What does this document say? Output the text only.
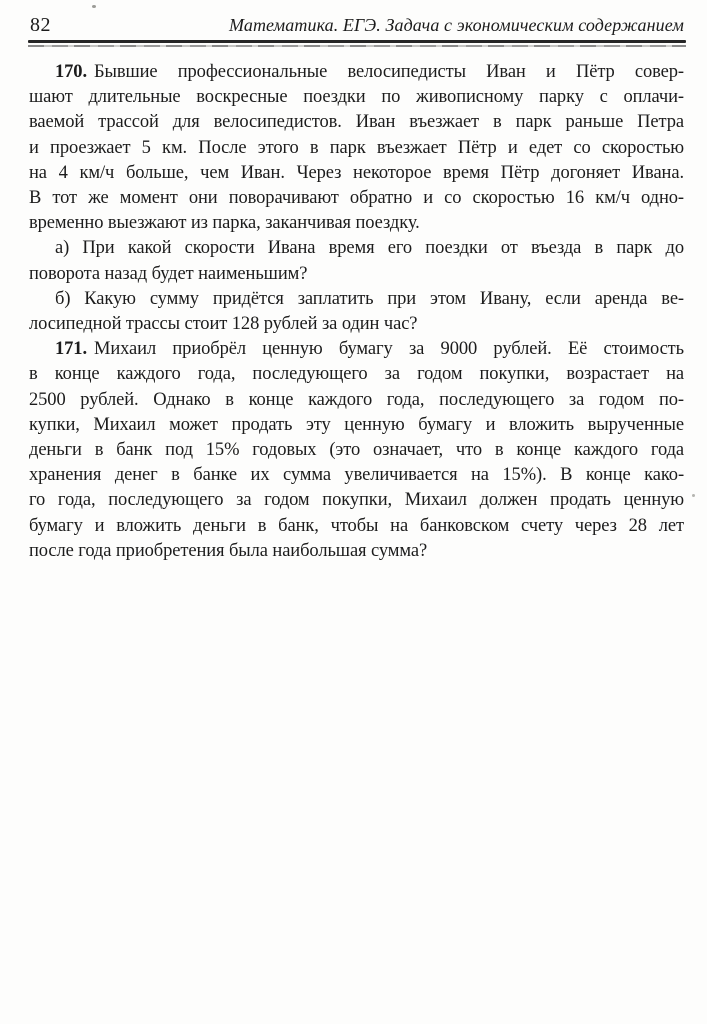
82	Математика. ЕГЭ. Задача с экономическим содержанием
170. Бывшие профессиональные велосипедисты Иван и Пётр совер-
шают длительные воскресные поездки по живописному парку с оплачи-
ваемой трассой для велосипедистов. Иван въезжает в парк раньше Петра
и проезжает 5 км. После этого в парк въезжает Пётр и едет со скоростью
на 4 км/ч больше, чем Иван. Через некоторое время Пётр догоняет Ивана.
В тот же момент они поворачивают обратно и со скоростью 16 км/ч одно-
временно выезжают из парка, заканчивая поездку.
а) При какой скорости Ивана время его поездки от въезда в парк до
поворота назад будет наименьшим?
б) Какую сумму придётся заплатить при этом Ивану, если аренда ве-
лосипедной трассы стоит 128 рублей за один час?
171. Михаил приобрёл ценную бумагу за 9000 рублей. Её стоимость
в конце каждого года, последующего за годом покупки, возрастает на
2500 рублей. Однако в конце каждого года, последующего за годом по-
купки, Михаил может продать эту ценную бумагу и вложить вырученные
деньги в банк под 15% годовых (это означает, что в конце каждого года
хранения денег в банке их сумма увеличивается на 15%). В конце како-
го года, последующего за годом покупки, Михаил должен продать ценную
бумагу и вложить деньги в банк, чтобы на банковском счету через 28 лет
после года приобретения была наибольшая сумма?
